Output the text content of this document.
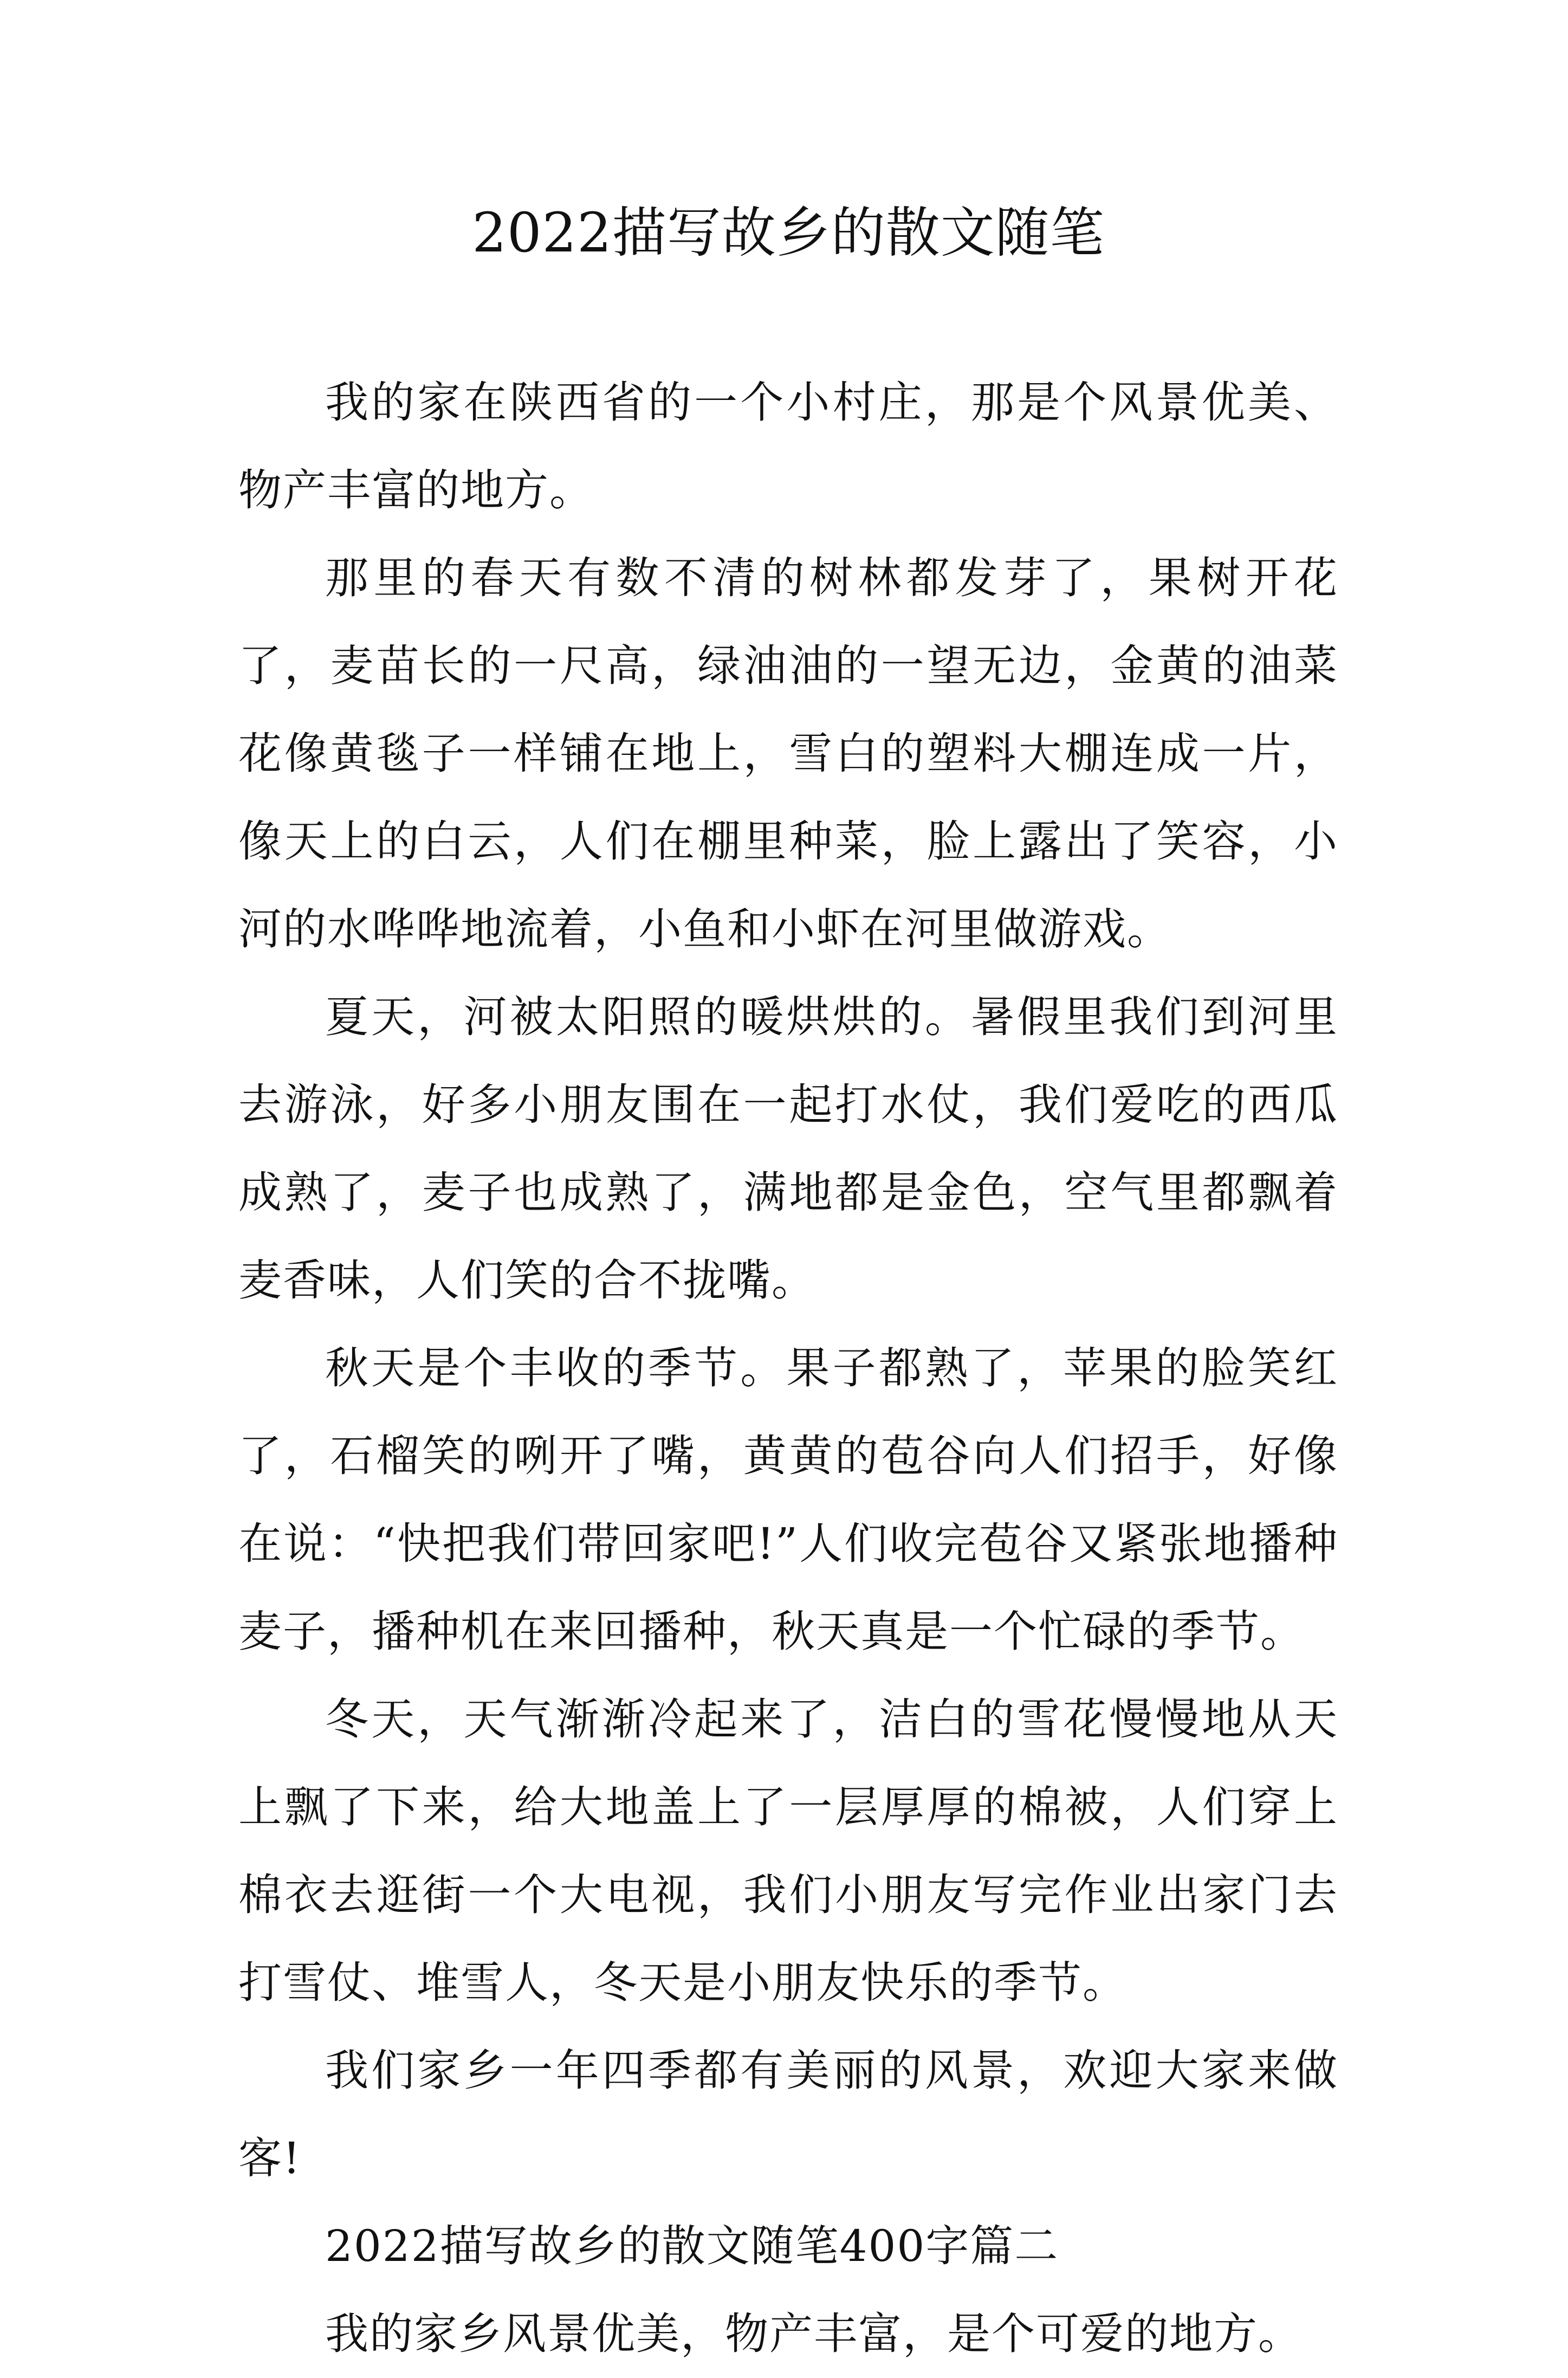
2022描写故乡的散文随笔

我的家在陕西省的一个小村庄，那是个风景优美、物产丰富的地方。

那里的春天有数不清的树林都发芽了，果树开花了，麦苗长的一尺高，绿油油的一望无边，金黄的油菜花像黄毯子一样铺在地上，雪白的塑料大棚连成一片，像天上的白云，人们在棚里种菜，脸上露出了笑容，小河的水哗哗地流着，小鱼和小虾在河里做游戏。

夏天，河被太阳照的暖烘烘的。暑假里我们到河里去游泳，好多小朋友围在一起打水仗，我们爱吃的西瓜成熟了，麦子也成熟了，满地都是金色，空气里都飘着麦香味，人们笑的合不拢嘴。

秋天是个丰收的季节。果子都熟了，苹果的脸笑红了，石榴笑的咧开了嘴，黄黄的苞谷向人们招手，好像在说：“快把我们带回家吧!”人们收完苞谷又紧张地播种麦子，播种机在来回播种，秋天真是一个忙碌的季节。

冬天，天气渐渐冷起来了，洁白的雪花慢慢地从天上飘了下来，给大地盖上了一层厚厚的棉被，人们穿上棉衣去逛街一个大电视，我们小朋友写完作业出家门去打雪仗、堆雪人，冬天是小朋友快乐的季节。

我们家乡一年四季都有美丽的风景，欢迎大家来做客!

2022描写故乡的散文随笔400字篇二

我的家乡风景优美，物产丰富，是个可爱的地方。
